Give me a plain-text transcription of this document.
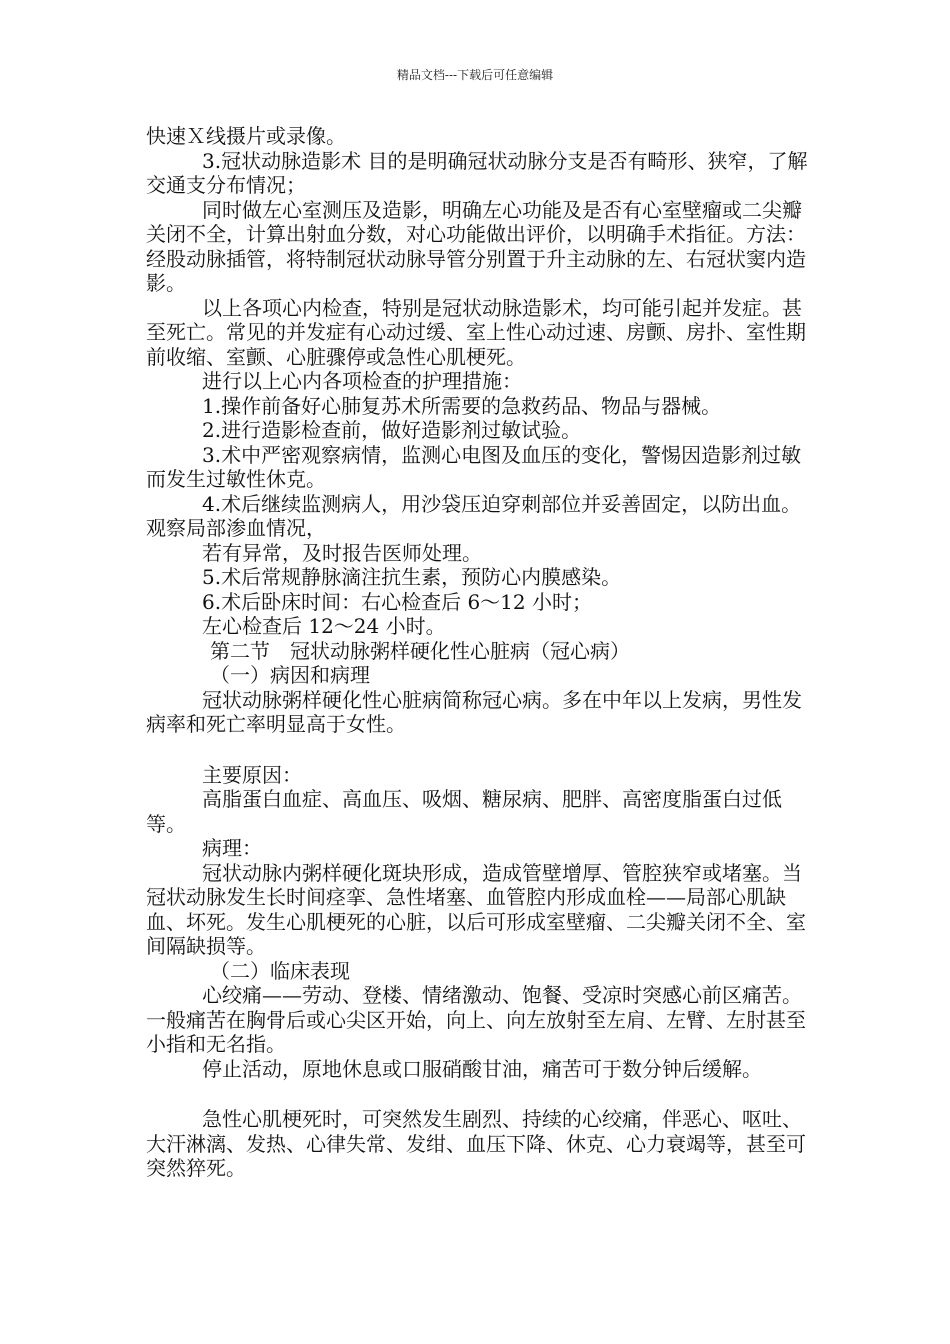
精品文档---下载后可任意编辑

快速Ｘ线摄片或录像。

3.冠状动脉造影术 目的是明确冠状动脉分支是否有畸形、狭窄，了解交通支分布情况；

同时做左心室测压及造影，明确左心功能及是否有心室壁瘤或二尖瓣关闭不全，计算出射血分数，对心功能做出评价，以明确手术指征。方法：经股动脉插管，将特制冠状动脉导管分别置于升主动脉的左、右冠状窦内造影。

以上各项心内检查，特别是冠状动脉造影术，均可能引起并发症。甚至死亡。常见的并发症有心动过缓、室上性心动过速、房颤、房扑、室性期前收缩、室颤、心脏骤停或急性心肌梗死。

进行以上心内各项检查的护理措施：

1.操作前备好心肺复苏术所需要的急救药品、物品与器械。

2.进行造影检查前，做好造影剂过敏试验。

3.术中严密观察病情，监测心电图及血压的变化，警惕因造影剂过敏而发生过敏性休克。

4.术后继续监测病人，用沙袋压迫穿刺部位并妥善固定，以防出血。观察局部渗血情况，

若有异常，及时报告医师处理。

5.术后常规静脉滴注抗生素，预防心内膜感染。

6.术后卧床时间：右心检查后 6～12 小时；

左心检查后 12～24 小时。

第二节　冠状动脉粥样硬化性心脏病（冠心病）

（一）病因和病理

冠状动脉粥样硬化性心脏病简称冠心病。多在中年以上发病，男性发病率和死亡率明显高于女性。

主要原因：

高脂蛋白血症、高血压、吸烟、糖尿病、肥胖、高密度脂蛋白过低等。

病理：

冠状动脉内粥样硬化斑块形成，造成管壁增厚、管腔狭窄或堵塞。当冠状动脉发生长时间痉挛、急性堵塞、血管腔内形成血栓——局部心肌缺血、坏死。发生心肌梗死的心脏，以后可形成室壁瘤、二尖瓣关闭不全、室间隔缺损等。

（二）临床表现

心绞痛——劳动、登楼、情绪激动、饱餐、受凉时突感心前区痛苦。一般痛苦在胸骨后或心尖区开始，向上、向左放射至左肩、左臂、左肘甚至小指和无名指。

停止活动，原地休息或口服硝酸甘油，痛苦可于数分钟后缓解。

急性心肌梗死时，可突然发生剧烈、持续的心绞痛，伴恶心、呕吐、大汗淋漓、发热、心律失常、发绀、血压下降、休克、心力衰竭等，甚至可突然猝死。
